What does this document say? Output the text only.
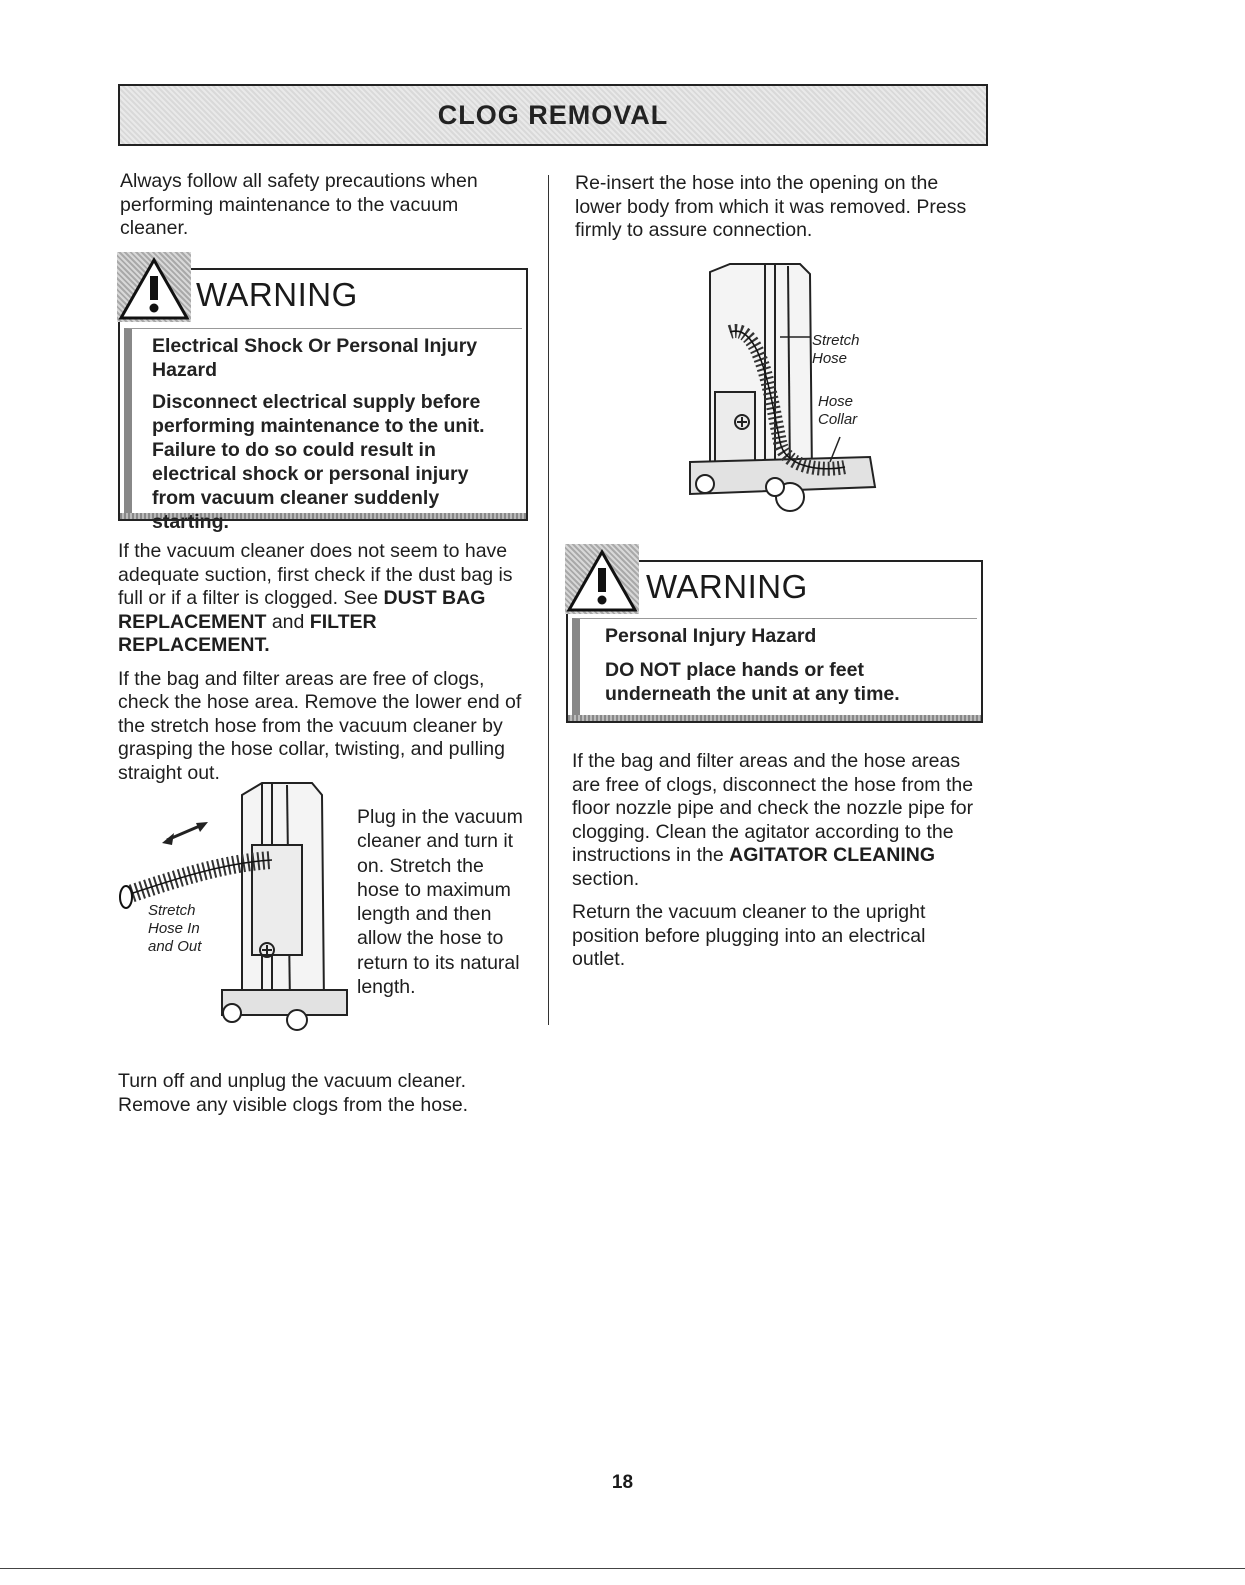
CLOG REMOVAL
Always follow all safety precautions when performing maintenance to the vacuum cleaner.
WARNING
Electrical Shock Or Personal Injury Hazard
Disconnect electrical supply before performing maintenance to the unit. Failure to do so could result in electrical shock or personal injury from vacuum cleaner suddenly starting.

If the vacuum cleaner does not seem to have adequate suction, first check if the dust bag is full or if a filter is clogged. See DUST BAG REPLACEMENT and FILTER REPLACEMENT.

If the bag and filter areas are free of clogs, check the hose area. Remove the lower end of the stretch hose from the vacuum cleaner by grasping the hose collar, twisting, and pulling straight out.

Stretch
Hose In
and Out
Plug in the vacuum cleaner and turn it on. Stretch the hose to maximum length and then allow the hose to return to its natural length.
Turn off and unplug the vacuum cleaner. Remove any visible clogs from the hose.
Re-insert the hose into the opening on the lower body from which it was removed. Press firmly to assure connection.
Stretch
Hose
Hose
Collar
WARNING
Personal Injury Hazard
DO NOT place hands or feet underneath the unit at any time.

If the bag and filter areas and the hose areas are free of clogs, disconnect the hose from the floor nozzle pipe and check the nozzle pipe for clogging. Clean the agitator according to the instructions in the AGITATOR CLEANING section.

Return the vacuum cleaner to the upright position before plugging into an electrical outlet.

18
